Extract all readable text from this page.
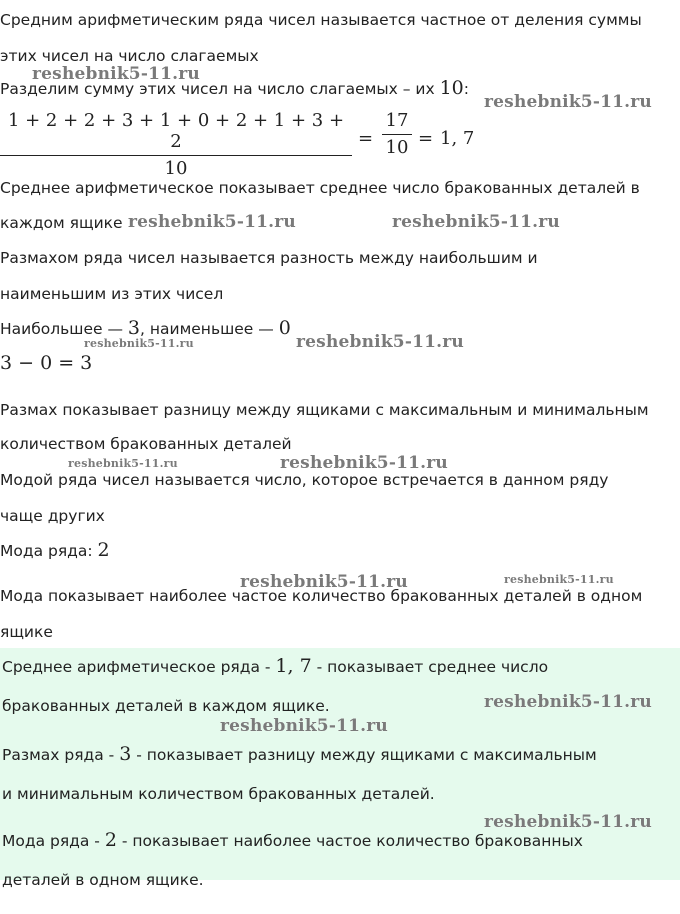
Средним арифметическим ряда чисел называется частное от деления суммы
этих чисел на число слагаемых
Разделим сумму этих чисел на число слагаемых – их 10:
1 + 2 + 2 + 3 + 1 + 0 + 2 + 1 + 3 + 2
10
=
17
10 = 1, 7
Среднее арифметическое показывает среднее число бракованных деталей в
каждом ящике
Размахом ряда чисел называется разность между наибольшим и
наименьшим из этих чисел
Наибольшее — 3, наименьшее — 0
3 − 0 = 3
Размах показывает разницу между ящиками с максимальным и минимальным
количеством бракованных деталей
Модой ряда чисел называется число, которое встречается в данном ряду
чаще других
Мода ряда: 2
Мода показывает наиболее частое количество бракованных деталей в одном
ящике
Среднее арифметическое ряда - 1, 7 - показывает среднее число
бракованных деталей в каждом ящике.
Размах ряда - 3 - показывает разницу между ящиками с максимальным
и минимальным количеством бракованных деталей.
Мода ряда - 2 - показывает наиболее частое количество бракованных
деталей в одном ящике.
reshebnik5-11.ru
reshebnik5-11.ru
reshebnik5-11.ru	reshebnik5-11.ru
reshebnik5-11.ru	reshebnik5-11.ru
reshebnik5-11.ru	reshebnik5-11.ru
reshebnik5-11.ru	reshebnik5-11.ru
reshebnik5-11.ru
reshebnik5-11.ru
reshebnik5-11.ru
